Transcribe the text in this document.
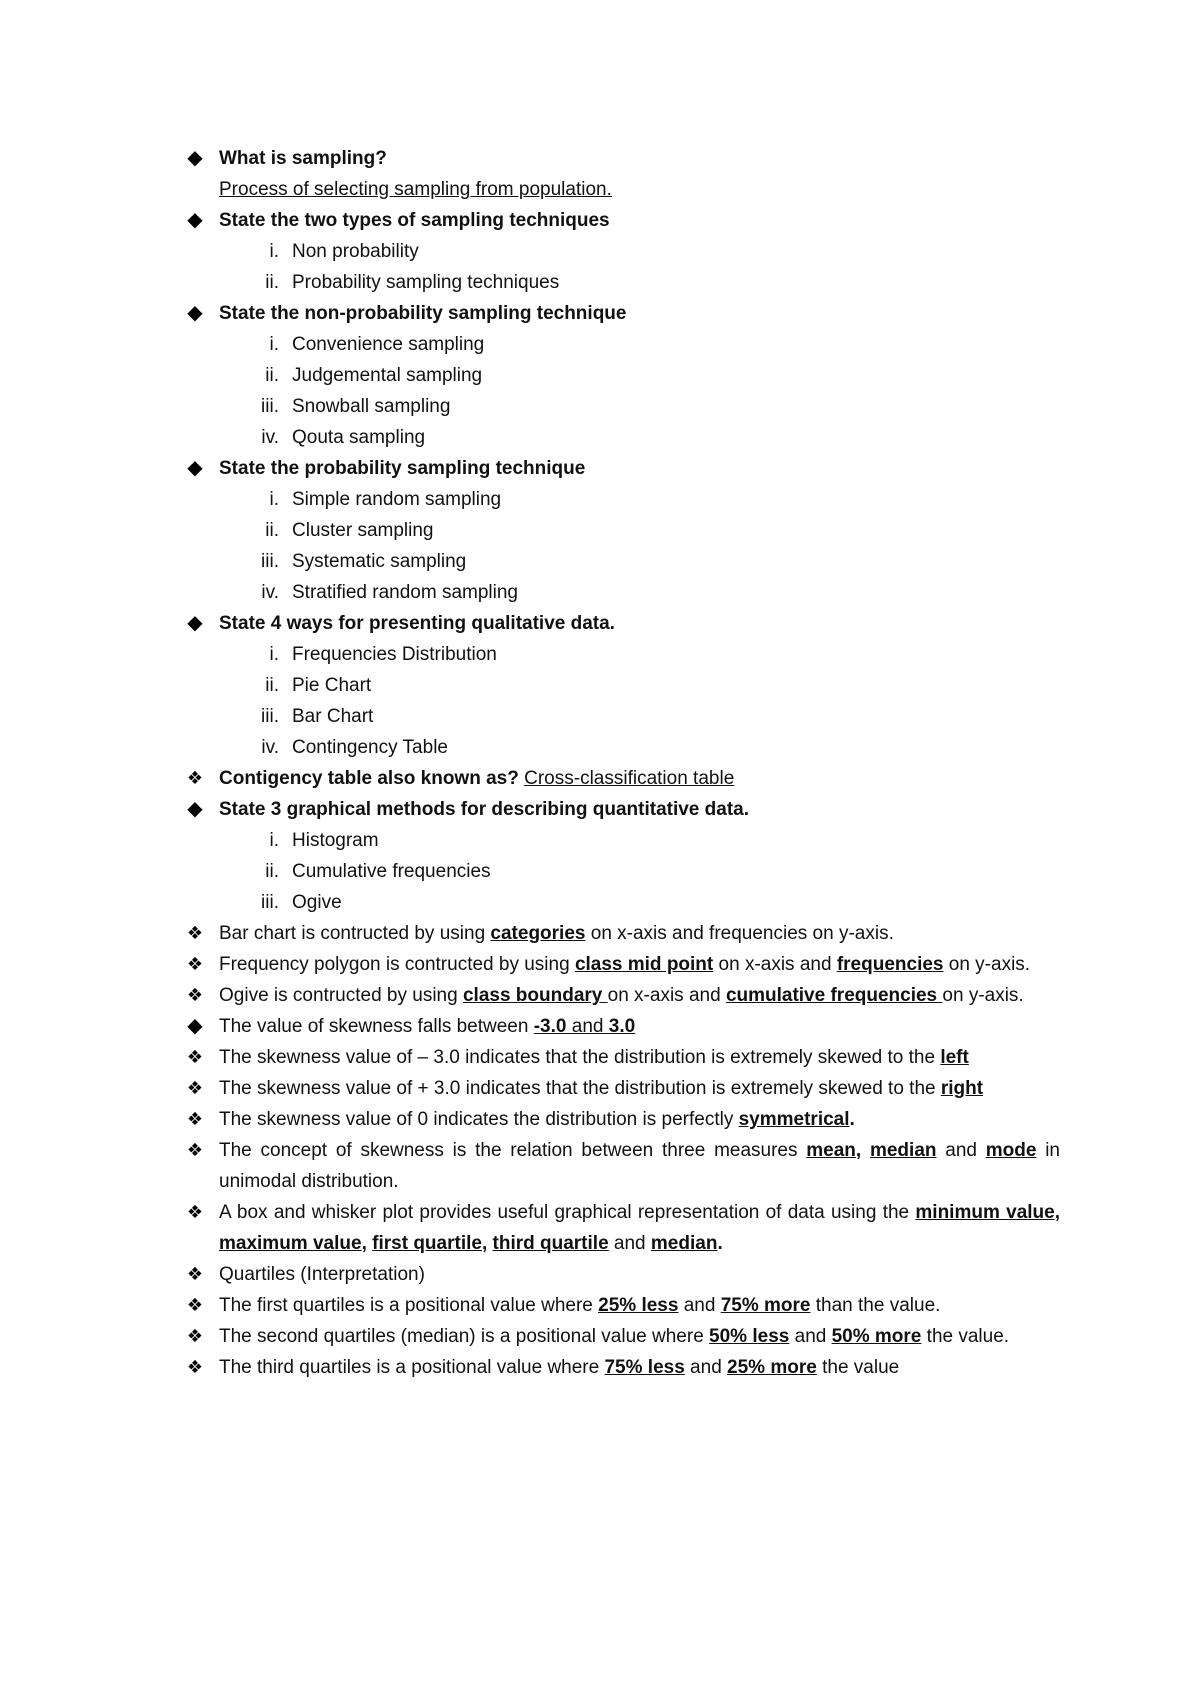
◆ What is sampling?
Process of selecting sampling from population.
◆ State the two types of sampling techniques
i. Non probability
ii. Probability sampling techniques
◆ State the non-probability sampling technique
i. Convenience sampling
ii. Judgemental sampling
iii. Snowball sampling
iv. Qouta sampling
◆ State the probability sampling technique
i. Simple random sampling
ii. Cluster sampling
iii. Systematic sampling
iv. Stratified random sampling
◆ State 4 ways for presenting qualitative data.
i. Frequencies Distribution
ii. Pie Chart
iii. Bar Chart
iv. Contingency Table
❖ Contigency table also known as? Cross-classification table
◆ State 3 graphical methods for describing quantitative data.
i. Histogram
ii. Cumulative frequencies
iii. Ogive
❖ Bar chart is contructed by using categories on x-axis and frequencies on y-axis.
❖ Frequency polygon is contructed by using class mid point on x-axis and frequencies on y-axis.
❖ Ogive is contructed by using class boundary on x-axis and cumulative frequencies on y-axis.
◆ The value of skewness falls between -3.0 and 3.0
❖ The skewness value of – 3.0 indicates that the distribution is extremely skewed to the left
❖ The skewness value of + 3.0 indicates that the distribution is extremely skewed to the right
❖ The skewness value of 0 indicates the distribution is perfectly symmetrical.
❖ The concept of skewness is the relation between three measures mean, median and mode in unimodal distribution.
❖ A box and whisker plot provides useful graphical representation of data using the minimum value, maximum value, first quartile, third quartile and median.
❖ Quartiles (Interpretation)
❖ The first quartiles is a positional value where 25% less and 75% more than the value.
❖ The second quartiles (median) is a positional value where 50% less and 50% more the value.
❖ The third quartiles is a positional value where 75% less and 25% more the value
